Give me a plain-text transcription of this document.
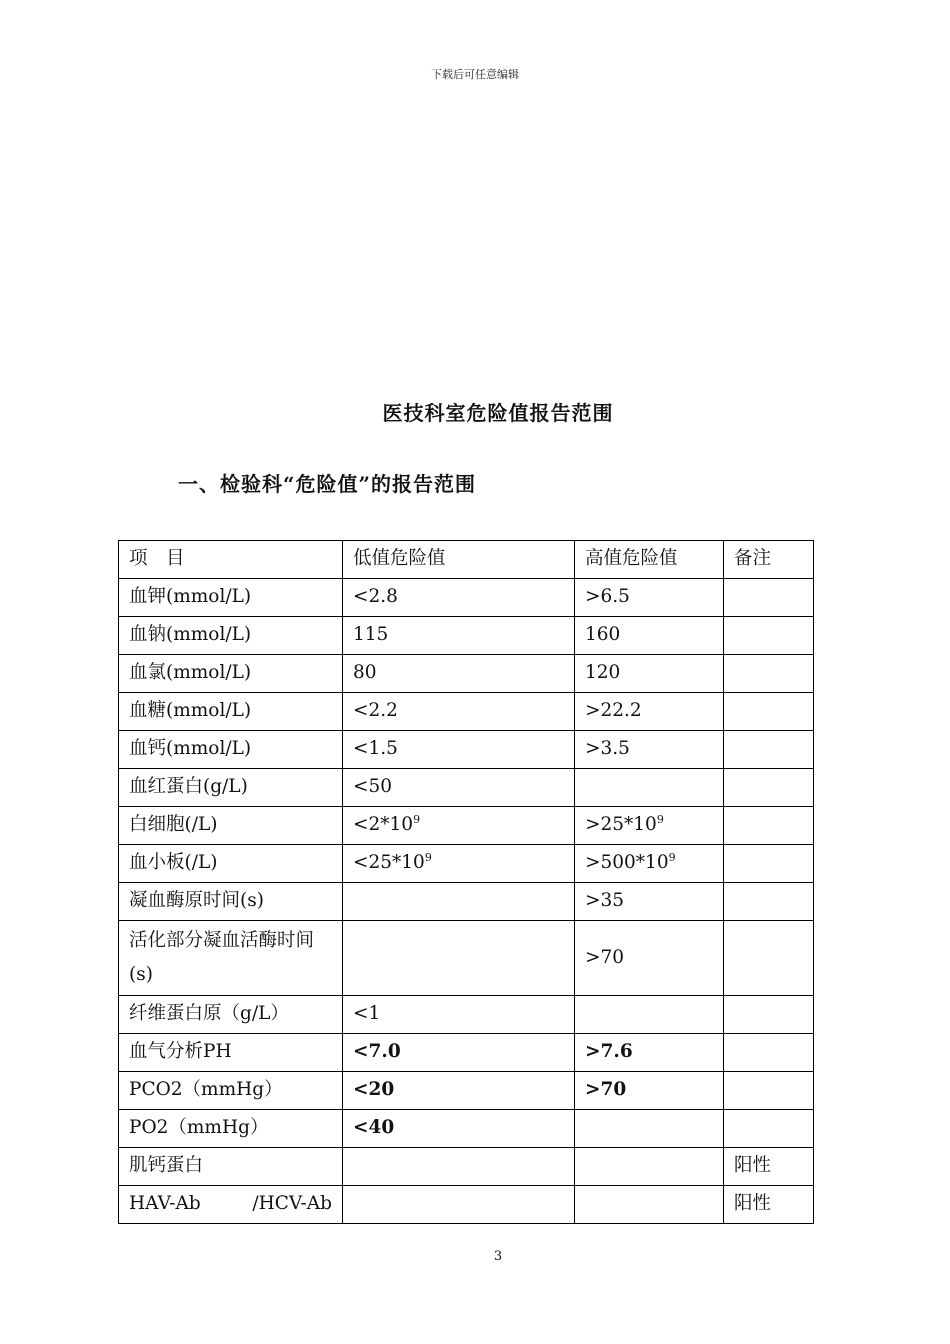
下载后可任意编辑
医技科室危险值报告范围
一、检验科“危险值”的报告范围
项　目	低值危险值	高值危险值	备注
血钾(mmol/L)	<2.8	>6.5	
血钠(mmol/L)	115	160	
血氯(mmol/L)	80	120	
血糖(mmol/L)	<2.2	>22.2	
血钙(mmol/L)	<1.5	>3.5	
血红蛋白(g/L)	<50		
白细胞(/L)	$<2*10^9$	$>25*10^9$	
血小板(/L)	$<25*10^9$	$>500*10^9$	
凝血酶原时间(s)		>35	
活化部分凝血活酶时间(s)		>70	
纤维蛋白原（g/L）	<1		
血气分析PH	<7.0	>7.6	
PCO2（mmHg）	<20	>70	
PO2（mmHg）	<40		
肌钙蛋白			阳性
HAV-Ab　　/HCV-Ab			阳性
3
